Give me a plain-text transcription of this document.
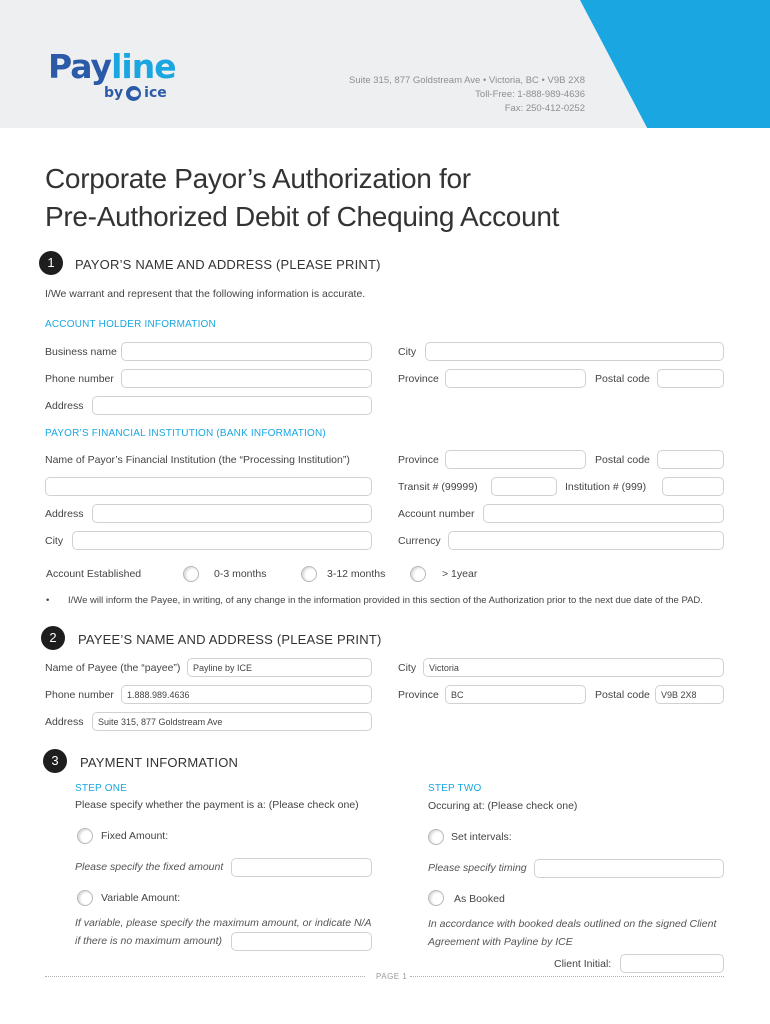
Payline
by ice
Suite 315, 877 Goldstream Ave • Victoria, BC • V9B 2X8
Toll-Free: 1-888-989-4636
Fax: 250-412-0252
Corporate Payor’s Authorization for
Pre-Authorized Debit of Chequing Account
1	PAYOR’S NAME AND ADDRESS (PLEASE PRINT)
I/We warrant and represent that the following information is accurate.
ACCOUNT HOLDER INFORMATION
Business name	City
Phone number	Province	Postal code
Address
PAYOR’S FINANCIAL INSTITUTION (BANK INFORMATION)
Name of Payor’s Financial Institution (the “Processing Institution”)	Province	Postal code
Transit # (99999)	Institution # (999)
Address	Account number
City	Currency
Account Established	0-3 months	3-12 months	> 1year
• I/We will inform the Payee, in writing, of any change in the information provided in this section of the Authorization prior to the next due date of the PAD.
2	PAYEE’S NAME AND ADDRESS (PLEASE PRINT)
Name of Payee (the “payee”)	Payline by ICE	City	Victoria
Phone number	1.888.989.4636	Province	BC	Postal code	V9B 2X8
Address	Suite 315, 877 Goldstream Ave
3	PAYMENT INFORMATION
STEP ONE
Please specify whether the payment is a: (Please check one)
Fixed Amount:
Please specify the fixed amount
Variable Amount:
If variable, please specify the maximum amount, or indicate N/A
if there is no maximum amount)
STEP TWO
Occuring at: (Please check one)
Set intervals:
Please specify timing
As Booked
In accordance with booked deals outlined on the signed Client
Agreement with Payline by ICE
Client Initial:
PAGE 1
